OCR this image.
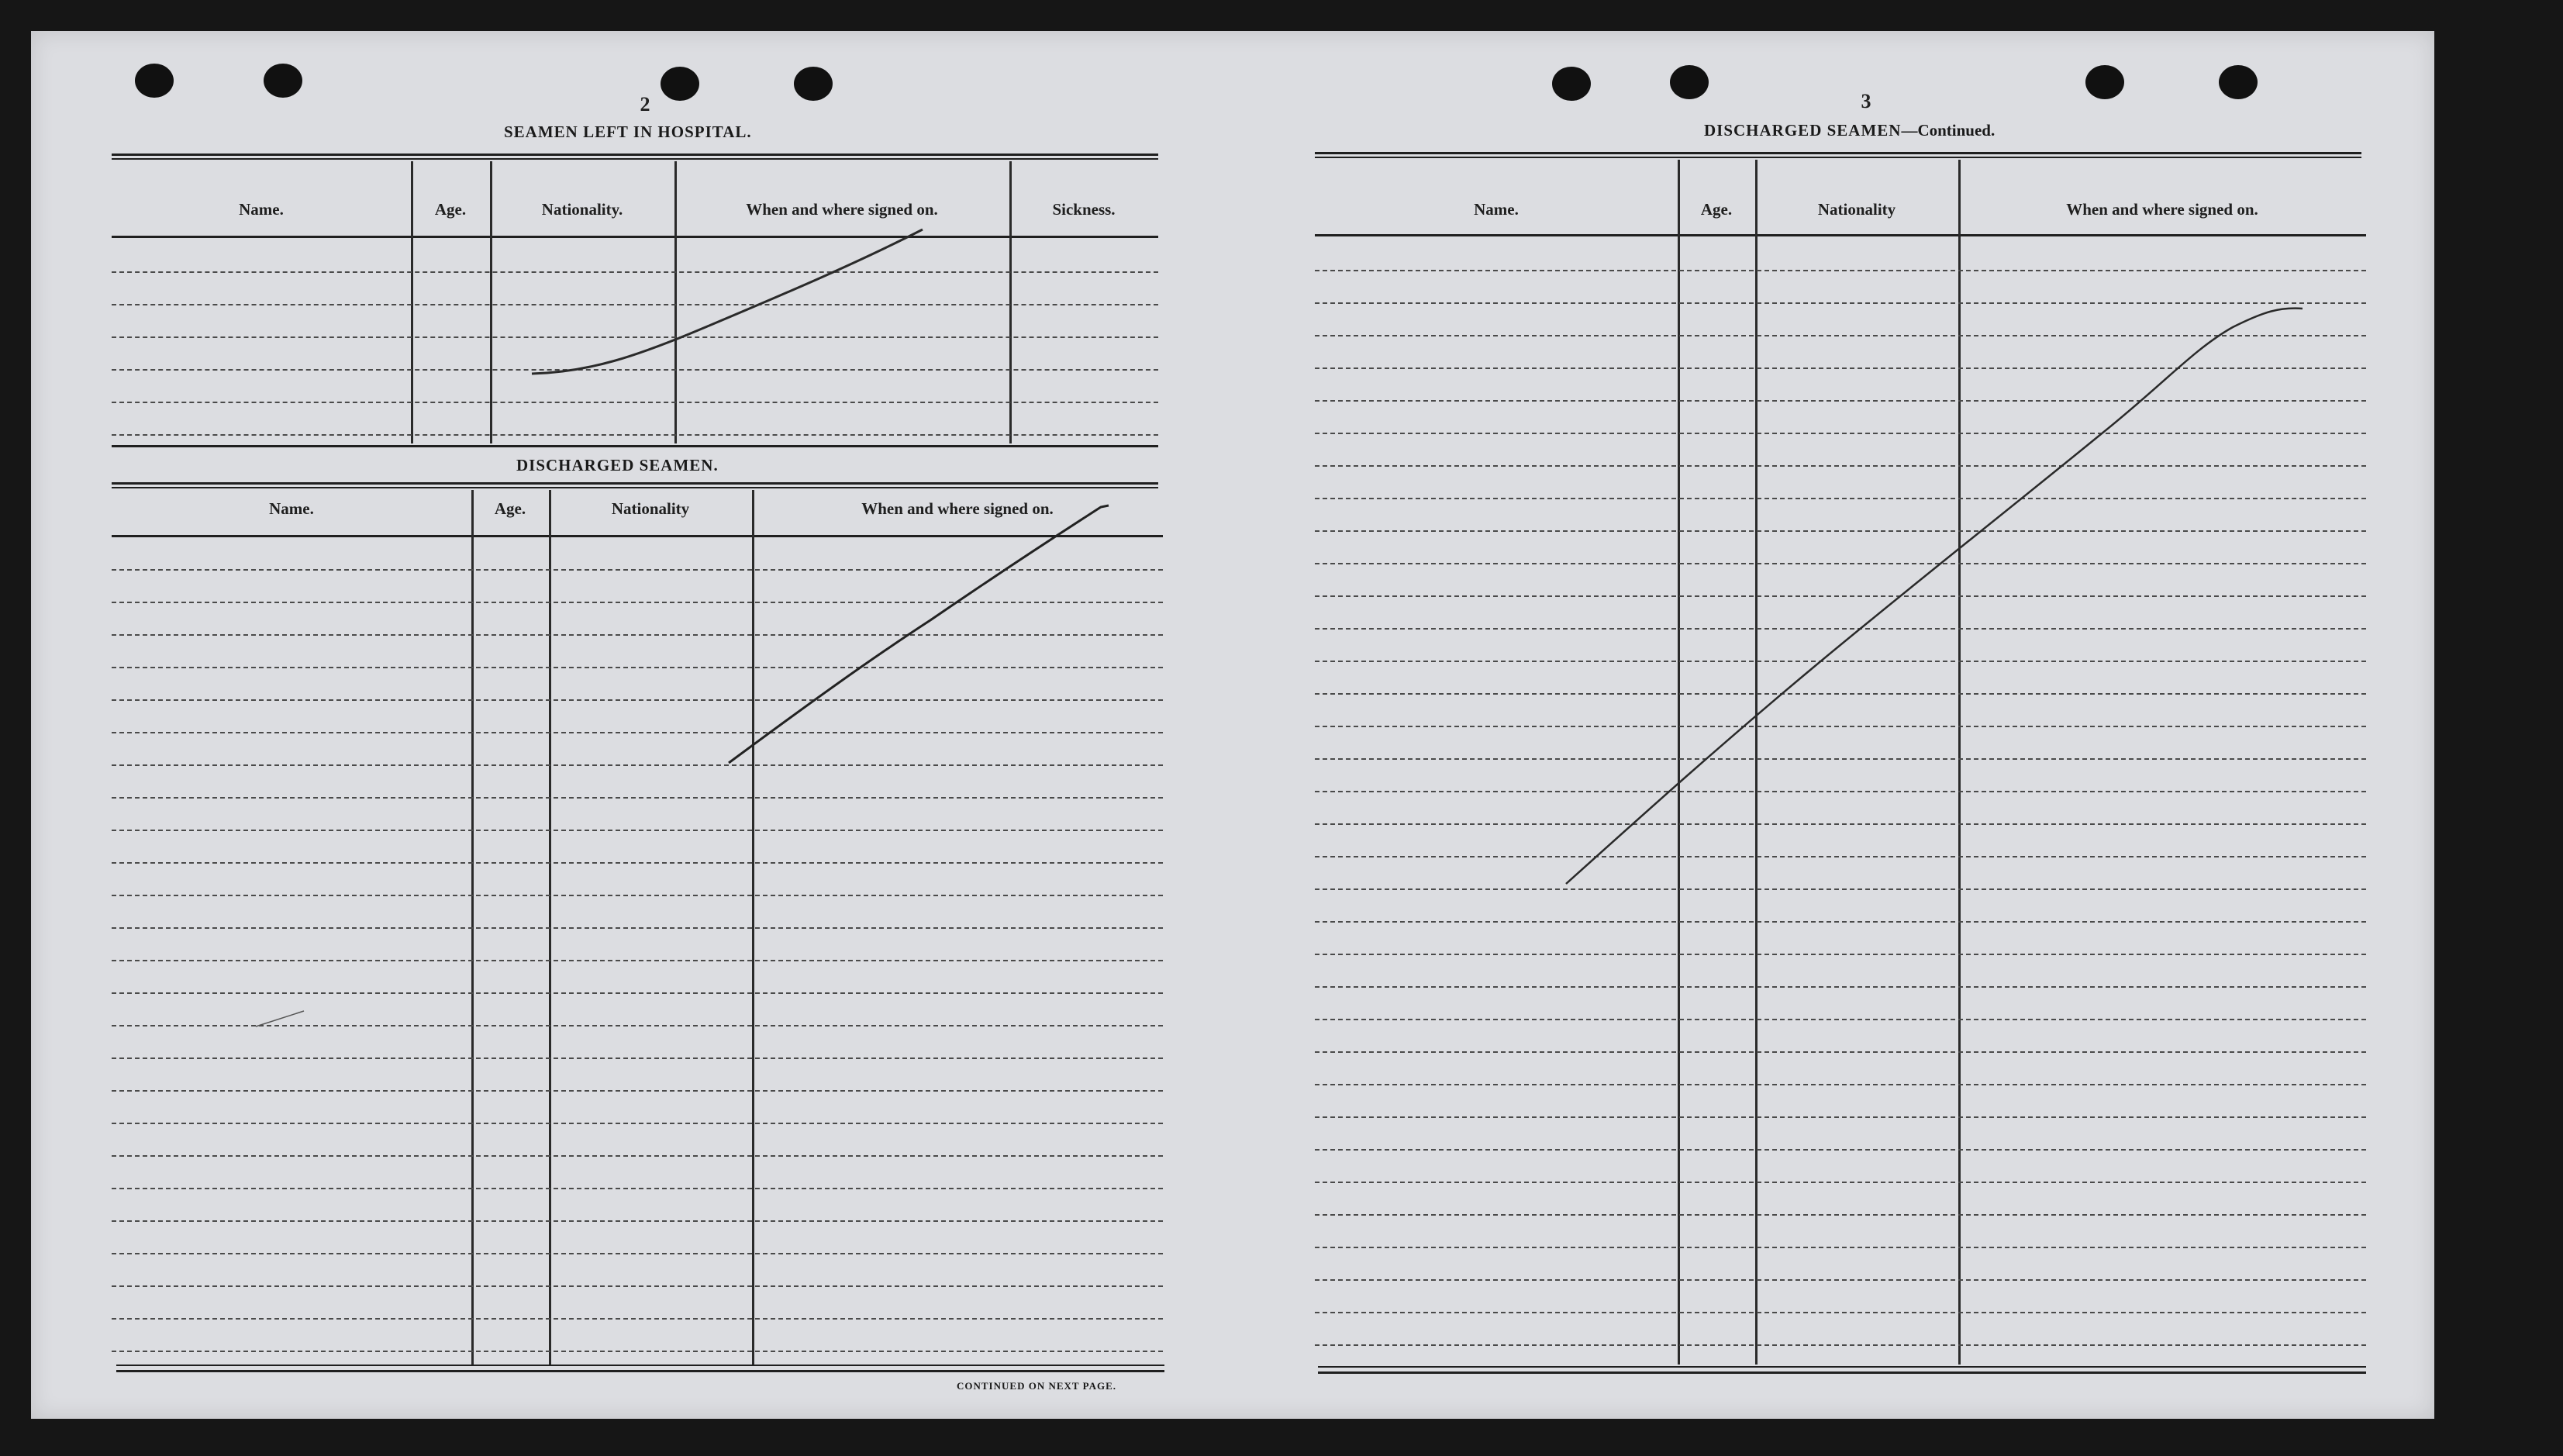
2
SEAMEN LEFT IN HOSPITAL.
Name.	Age.	Nationality.	When and where signed on.	Sickness.
DISCHARGED SEAMEN.
Name.	Age.	Nationality	When and where signed on.
CONTINUED ON NEXT PAGE.
3
DISCHARGED SEAMEN—Continued.
Name.	Age.	Nationality	When and where signed on.
